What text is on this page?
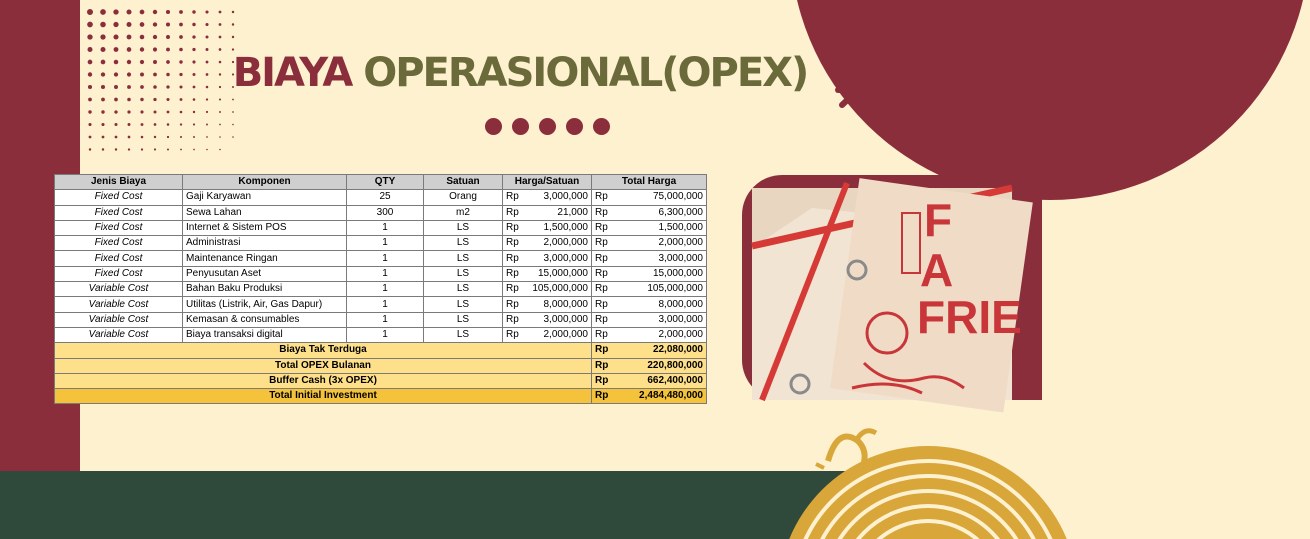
BIAYA OPERASIONAL(OPEX)
Jenis Biaya	Komponen	QTY	Satuan	Harga/Satuan		Total Harga	
Fixed Cost	Gaji Karyawan	25	Orang	Rp	3,000,000	Rp	75,000,000
Fixed Cost	Sewa Lahan	300	m2	Rp	21,000	Rp	6,300,000
Fixed Cost	Internet & Sistem POS	1	LS	Rp	1,500,000	Rp	1,500,000
Fixed Cost	Administrasi	1	LS	Rp	2,000,000	Rp	2,000,000
Fixed Cost	Maintenance Ringan	1	LS	Rp	3,000,000	Rp	3,000,000
Fixed Cost	Penyusutan Aset	1	LS	Rp	15,000,000	Rp	15,000,000
Variable Cost	Bahan Baku Produksi	1	LS	Rp	105,000,000	Rp	105,000,000
Variable Cost	Utilitas (Listrik, Air, Gas Dapur)	1	LS	Rp	8,000,000	Rp	8,000,000
Variable Cost	Kemasan & consumables	1	LS	Rp	3,000,000	Rp	3,000,000
Variable Cost	Biaya transaksi digital	1	LS	Rp	2,000,000	Rp	2,000,000
Biaya Tak Terduga						Rp	22,080,000
Total OPEX Bulanan						Rp	220,800,000
Buffer Cash (3x OPEX)						Rp	662,400,000
Total Initial Investment						Rp	2,484,480,000
F
A
FRIE
